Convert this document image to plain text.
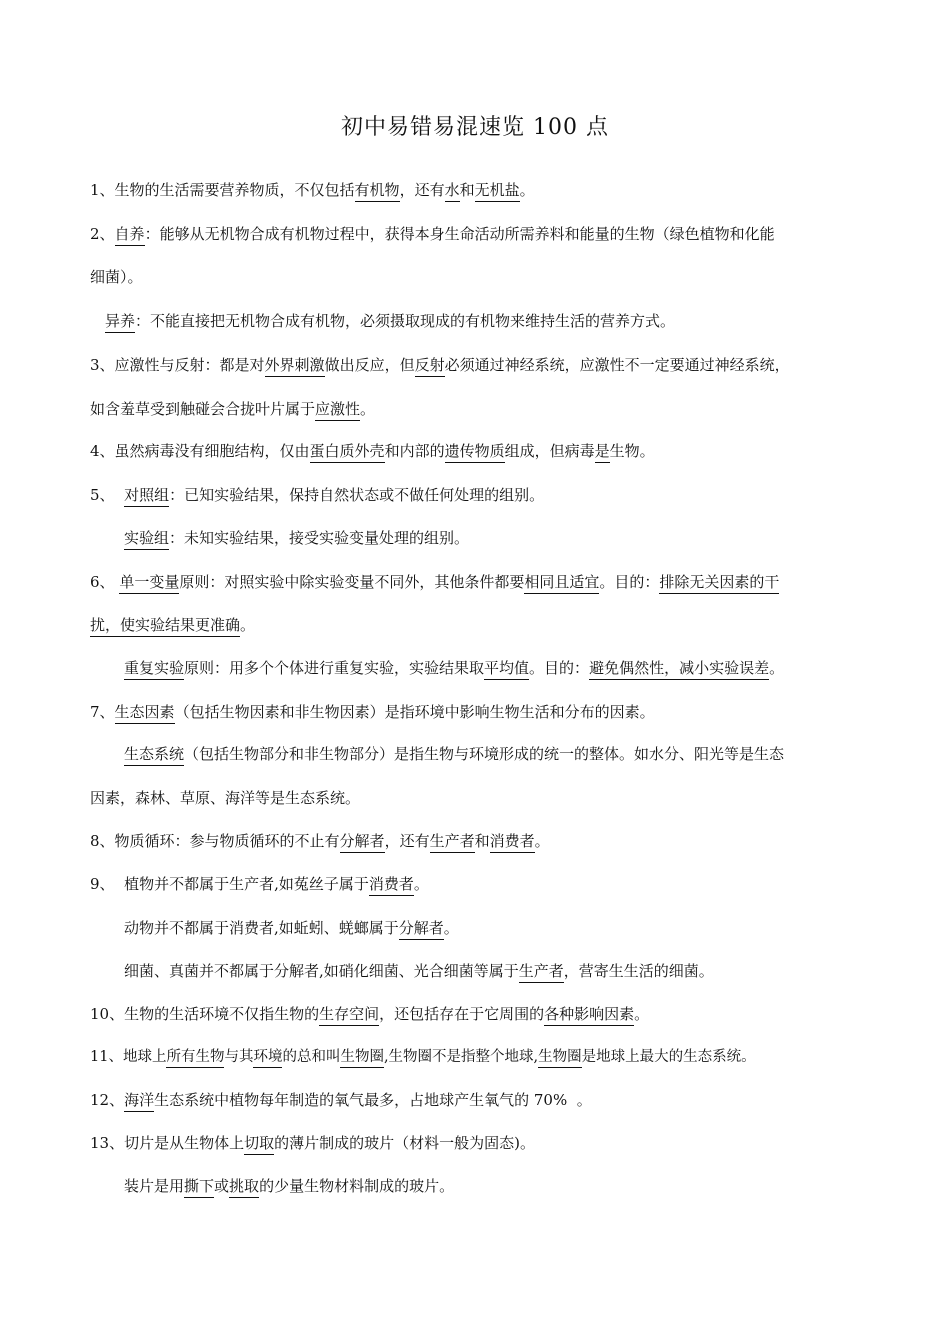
初中易错易混速览 100 点
1、生物的生活需要营养物质，不仅包括有机物，还有水和无机盐。
2、自养：能够从无机物合成有机物过程中，获得本身生命活动所需养料和能量的生物（绿色植物和化能
细菌）。
异养：不能直接把无机物合成有机物，必须摄取现成的有机物来维持生活的营养方式。
3、应激性与反射：都是对外界刺激做出反应，但反射必须通过神经系统，应激性不一定要通过神经系统，
如含羞草受到触碰会合拢叶片属于应激性。
4、虽然病毒没有细胞结构，仅由蛋白质外壳和内部的遗传物质组成，但病毒是生物。
5、  对照组：已知实验结果，保持自然状态或不做任何处理的组别。
实验组：未知实验结果，接受实验变量处理的组别。
6、 单一变量原则：对照实验中除实验变量不同外，其他条件都要相同且适宜。目的：排除无关因素的干
扰，使实验结果更准确。
重复实验原则：用多个个体进行重复实验，实验结果取平均值。目的：避免偶然性，减小实验误差。
7、生态因素（包括生物因素和非生物因素）是指环境中影响生物生活和分布的因素。
生态系统（包括生物部分和非生物部分）是指生物与环境形成的统一的整体。如水分、阳光等是生态
因素，森林、草原、海洋等是生态系统。
8、物质循环：参与物质循环的不止有分解者，还有生产者和消费者。
9、  植物并不都属于生产者,如菟丝子属于消费者。
动物并不都属于消费者,如蚯蚓、蜣螂属于分解者。
细菌、真菌并不都属于分解者,如硝化细菌、光合细菌等属于生产者，营寄生生活的细菌。
10、生物的生活环境不仅指生物的生存空间，还包括存在于它周围的各种影响因素。
11、地球上所有生物与其环境的总和叫生物圈,生物圈不是指整个地球,生物圈是地球上最大的生态系统。
12、海洋生态系统中植物每年制造的氧气最多，占地球产生氧气的 70%  。
13、切片是从生物体上切取的薄片制成的玻片（材料一般为固态)。
装片是用撕下或挑取的少量生物材料制成的玻片。
